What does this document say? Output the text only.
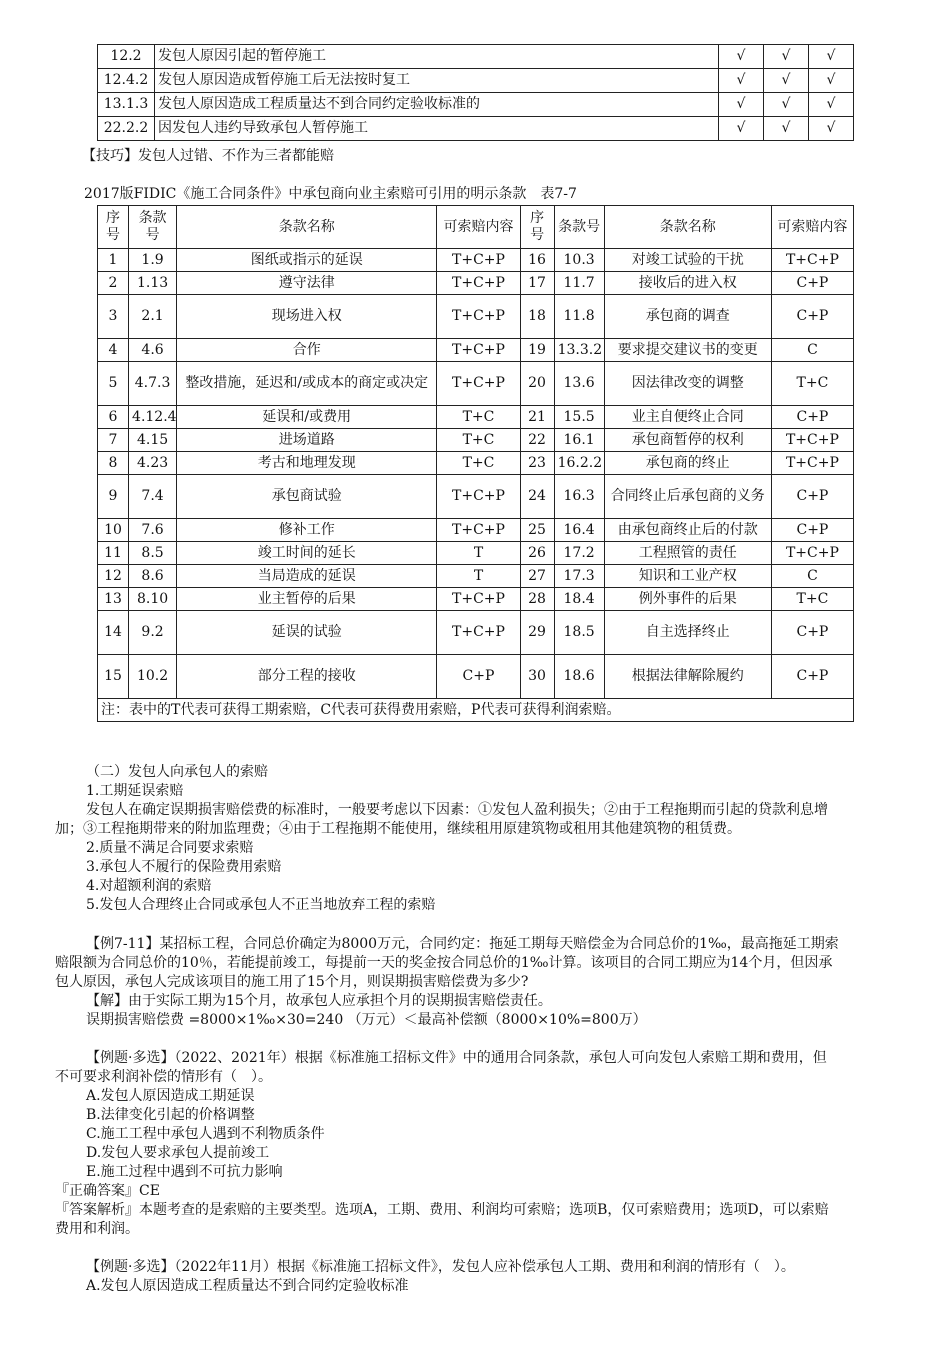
12.2	发包人原因引起的暂停施工	√	√	√
12.4.2	发包人原因造成暂停施工后无法按时复工	√	√	√
13.1.3	发包人原因造成工程质量达不到合同约定验收标准的	√	√	√
22.2.2	因发包人违约导致承包人暂停施工	√	√	√
【技巧】发包人过错、不作为三者都能赔
2017版FIDIC《施工合同条件》中承包商向业主索赔可引用的明示条款　表7-7
序号	条款号	条款名称	可索赔内容	序号	条款号	条款名称	可索赔内容
1	1.9	图纸或指示的延误	T+C+P	16	10.3	对竣工试验的干扰	T+C+P
2	1.13	遵守法律	T+C+P	17	11.7	接收后的进入权	C+P
3	2.1	现场进入权	T+C+P	18	11.8	承包商的调查	C+P
4	4.6	合作	T+C+P	19	13.3.2	要求提交建议书的变更	C
5	4.7.3	整改措施，延迟和/或成本的商定或决定	T+C+P	20	13.6	因法律改变的调整	T+C
6	4.12.4	延误和/或费用	T+C	21	15.5	业主自便终止合同	C+P
7	4.15	进场道路	T+C	22	16.1	承包商暂停的权利	T+C+P
8	4.23	考古和地理发现	T+C	23	16.2.2	承包商的终止	T+C+P
9	7.4	承包商试验	T+C+P	24	16.3	合同终止后承包商的义务	C+P
10	7.6	修补工作	T+C+P	25	16.4	由承包商终止后的付款	C+P
11	8.5	竣工时间的延长	T	26	17.2	工程照管的责任	T+C+P
12	8.6	当局造成的延误	T	27	17.3	知识和工业产权	C
13	8.10	业主暂停的后果	T+C+P	28	18.4	例外事件的后果	T+C
14	9.2	延误的试验	T+C+P	29	18.5	自主选择终止	C+P
15	10.2	部分工程的接收	C+P	30	18.6	根据法律解除履约	C+P
注：表中的T代表可获得工期索赔，C代表可获得费用索赔，P代表可获得利润索赔。							
（二）发包人向承包人的索赔
1.工期延误索赔
发包人在确定误期损害赔偿费的标准时，一般要考虑以下因素：①发包人盈利损失；②由于工程拖期而引起的贷款利息增
加；③工程拖期带来的附加监理费；④由于工程拖期不能使用，继续租用原建筑物或租用其他建筑物的租赁费。
2.质量不满足合同要求索赔
3.承包人不履行的保险费用索赔
4.对超额利润的索赔
5.发包人合理终止合同或承包人不正当地放弃工程的索赔
【例7-11】某招标工程，合同总价确定为8000万元，合同约定：拖延工期每天赔偿金为合同总价的1‰，最高拖延工期索
赔限额为合同总价的10％，若能提前竣工，每提前一天的奖金按合同总价的1‰计算。该项目的合同工期应为14个月，但因承
包人原因，承包人完成该项目的施工用了15个月，则误期损害赔偿费为多少?
【解】由于实际工期为15个月，故承包人应承担个月的误期损害赔偿责任。
误期损害赔偿费 =8000×1‰×30=240 （万元）＜最高补偿额（8000×10%=800万）
【例题·多选】（2022、2021年）根据《标准施工招标文件》中的通用合同条款，承包人可向发包人索赔工期和费用，但
不可要求利润补偿的情形有（　）。
A.发包人原因造成工期延误
B.法律变化引起的价格调整
C.施工工程中承包人遇到不利物质条件
D.发包人要求承包人提前竣工
E.施工过程中遇到不可抗力影响
『正确答案』CE
『答案解析』本题考查的是索赔的主要类型。选项A，工期、费用、利润均可索赔；选项B，仅可索赔费用；选项D，可以索赔
费用和利润。
【例题·多选】（2022年11月）根据《标准施工招标文件》，发包人应补偿承包人工期、费用和利润的情形有（　）。
A.发包人原因造成工程质量达不到合同约定验收标准
